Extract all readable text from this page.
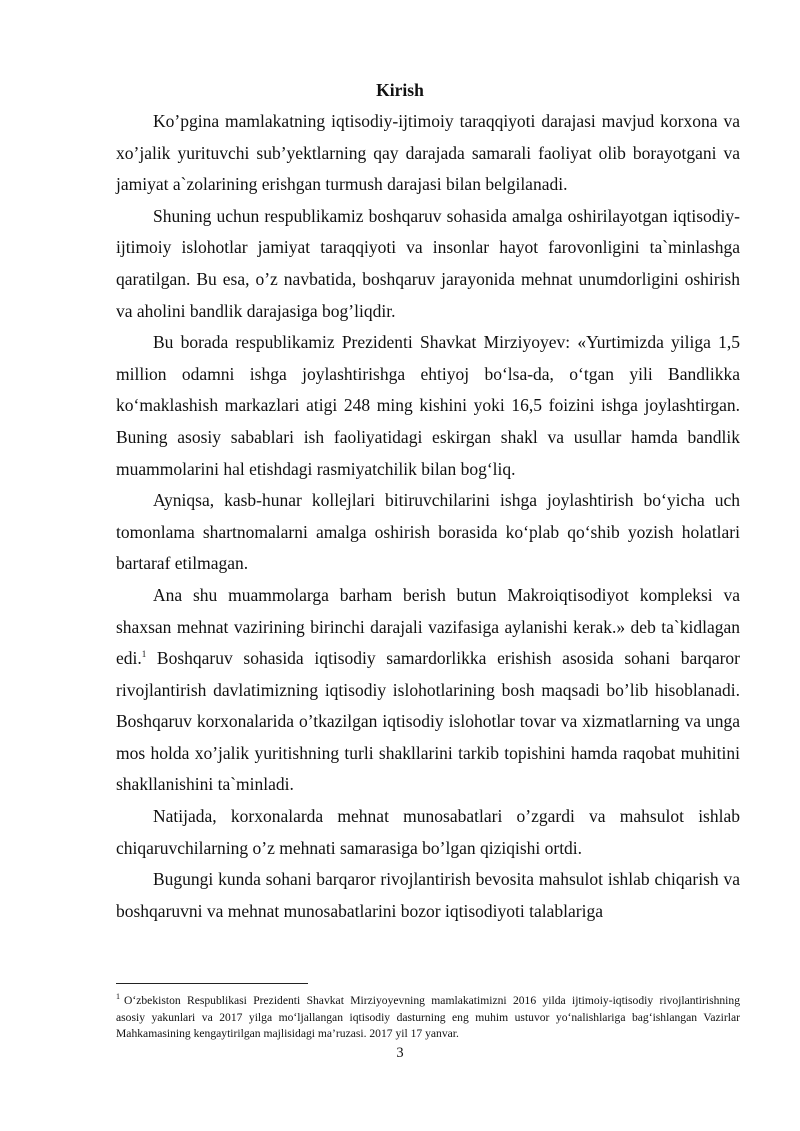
Kirish

Ko’pgina mamlakatning iqtisodiy-ijtimoiy taraqqiyoti darajasi mavjud korxona va xo’jalik yurituvchi sub’yektlarning qay darajada samarali faoliyat olib borayotgani va jamiyat a`zolarining erishgan turmush darajasi bilan belgilanadi.

Shuning uchun respublikamiz boshqaruv sohasida amalga oshirilayotgan iqtisodiy-ijtimoiy islohotlar jamiyat taraqqiyoti va insonlar hayot farovonligini ta`minlashga qaratilgan. Bu esa, o’z navbatida, boshqaruv jarayonida mehnat unumdorligini oshirish va aholini bandlik darajasiga bog’liqdir.

Bu borada respublikamiz Prezidenti Shavkat Mirziyoyev: «Yurtimizda yiliga 1,5 million odamni ishga joylashtirishga ehtiyoj bo‘lsa-da, o‘tgan yili Bandlikka ko‘maklashish markazlari atigi 248 ming kishini yoki 16,5 foizini ishga joylashtirgan. Buning asosiy sabablari ish faoliyatidagi eskirgan shakl va usullar hamda bandlik muammolarini hal etishdagi rasmiyatchilik bilan bog‘liq.

Ayniqsa, kasb-hunar kollejlari bitiruvchilarini ishga joylashtirish bo‘yicha uch tomonlama shartnomalarni amalga oshirish borasida ko‘plab qo‘shib yozish holatlari bartaraf etilmagan.

Ana shu muammolarga barham berish butun Makroiqtisodiyot kompleksi va shaxsan mehnat vazirining birinchi darajali vazifasiga aylanishi kerak.» deb ta`kidlagan edi.$^1$ Boshqaruv sohasida iqtisodiy samardorlikka erishish asosida sohani barqaror rivojlantirish davlatimizning iqtisodiy islohotlarining bosh maqsadi bo’lib hisoblanadi. Boshqaruv korxonalarida o’tkazilgan iqtisodiy islohotlar tovar va xizmatlarning va unga mos holda xo’jalik yuritishning turli shakllarini tarkib topishini hamda raqobat muhitini shakllanishini ta`minladi.

Natijada, korxonalarda mehnat munosabatlari o’zgardi va mahsulot ishlab chiqaruvchilarning o’z mehnati samarasiga bo’lgan qiziqishi ortdi.

Bugungi kunda sohani barqaror rivojlantirish bevosita mahsulot ishlab chiqarish va boshqaruvni va mehnat munosabatlarini bozor iqtisodiyoti talablariga

$^1$ O‘zbekiston Respublikasi Prezidenti Shavkat Mirziyoyevning mamlakatimizni 2016 yilda ijtimoiy-iqtisodiy rivojlantirishning asosiy yakunlari va 2017 yilga mo‘ljallangan iqtisodiy dasturning eng muhim ustuvor yo‘nalishlariga bag‘ishlangan Vazirlar Mahkamasining kengaytirilgan majlisidagi ma’ruzasi. 2017 yil 17 yanvar.

3
